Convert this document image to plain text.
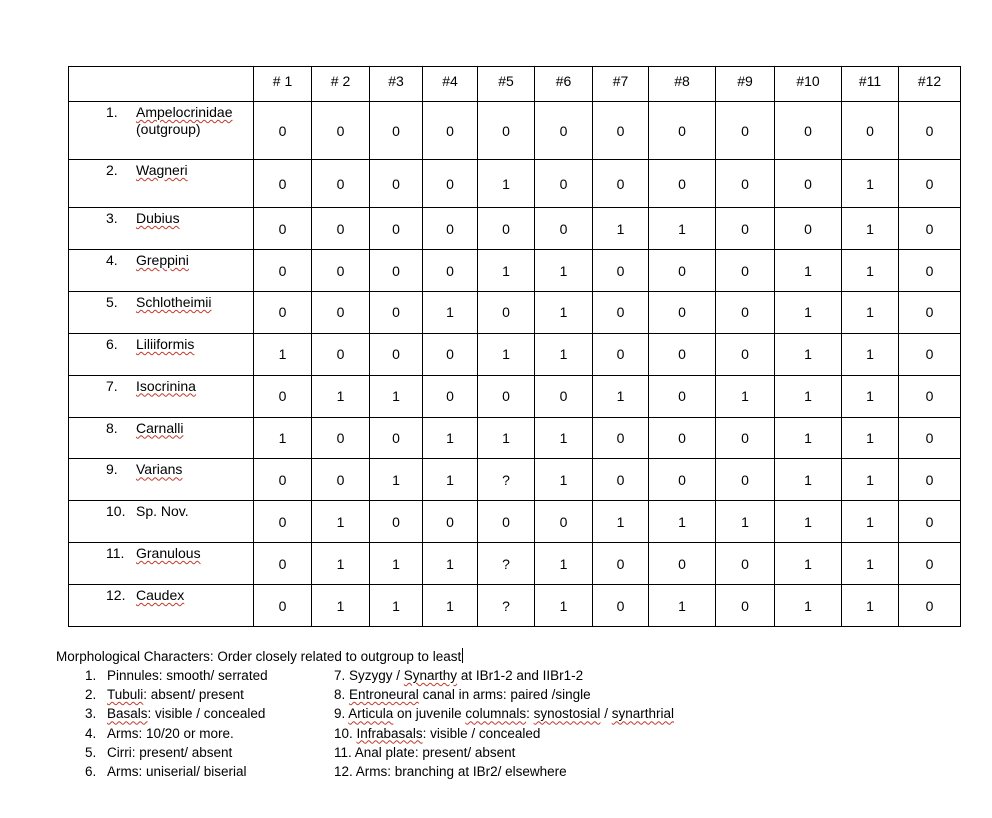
	# 1	# 2	#3	#4	#5	#6	#7	#8	#9	#10	#11	#12

1. Ampelocrinidae
(outgroup)	0	0	0	0	0	0	0	0	0	0	0	0

2. Wagneri	0	0	0	0	1	0	0	0	0	0	1	0

3. Dubius	0	0	0	0	0	0	1	1	0	0	1	0

4. Greppini	0	0	0	0	1	1	0	0	0	1	1	0

5. Schlotheimii	0	0	0	1	0	1	0	0	0	1	1	0

6. Liliiformis	1	0	0	0	1	1	0	0	0	1	1	0

7. Isocrinina	0	1	1	0	0	0	1	0	1	1	1	0

8. Carnalli	1	0	0	1	1	1	0	0	0	1	1	0

9. Varians	0	0	1	1	?	1	0	0	0	1	1	0

10. Sp. Nov.	0	1	0	0	0	0	1	1	1	1	1	0

11. Granulous	0	1	1	1	?	1	0	0	0	1	1	0

12. Caudex	0	1	1	1	?	1	0	1	0	1	1	0

Morphological Characters: Order closely related to outgroup to least

1. Pinnules: smooth/ serrated
2. Tubuli: absent/ present
3. Basals: visible / concealed
4. Arms: 10/20 or more.
5. Cirri: present/ absent
6. Arms: uniserial/ biserial
7. Syzygy / Synarthy at IBr1-2 and IIBr1-2
8. Entroneural canal in arms: paired /single
9. Articula on juvenile columnals: synostosial / synarthrial
10. Infrabasals: visible / concealed
11. Anal plate: present/ absent
12. Arms: branching at IBr2/ elsewhere
